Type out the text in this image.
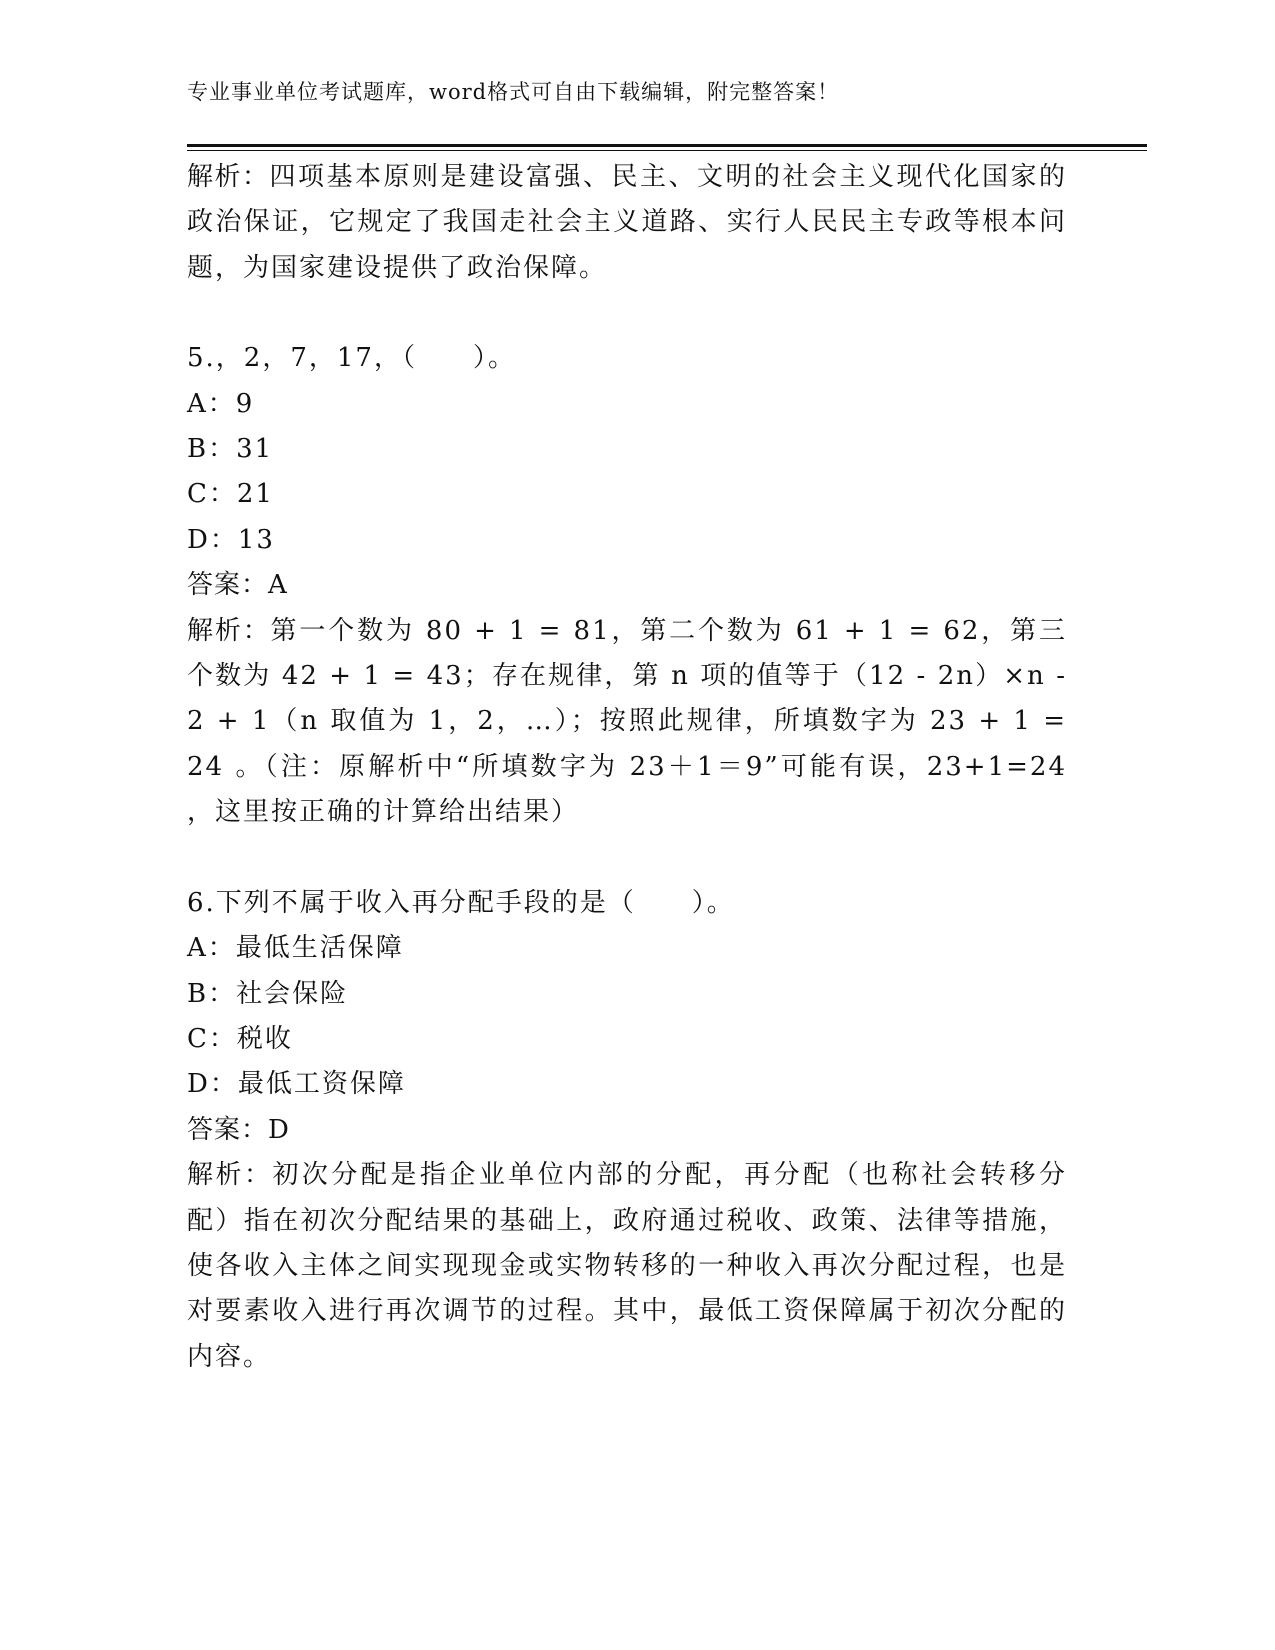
专业事业单位考试题库，word格式可自由下载编辑，附完整答案！

解析：四项基本原则是建设富强、民主、文明的社会主义现代化国家的政治保证，它规定了我国走社会主义道路、实行人民民主专政等根本问题，为国家建设提供了政治保障。

5.，2，7，17，（　　）。

A：9

B：31

C：21

D：13

答案：A

解析：第一个数为 80 + 1 = 81，第二个数为 61 + 1 = 62，第三个数为 42 + 1 = 43；存在规律，第 n 项的值等于（12 - 2n）×n - 2 + 1（n 取值为 1，2，…）；按照此规律，所填数字为 23 + 1 = 24 。（注：原解析中“所填数字为 23＋1＝9”可能有误，23+1=24 ，这里按正确的计算给出结果）

6.下列不属于收入再分配手段的是（　　）。

A：最低生活保障

B：社会保险

C：税收

D：最低工资保障

答案：D

解析：初次分配是指企业单位内部的分配，再分配（也称社会转移分配）指在初次分配结果的基础上，政府通过税收、政策、法律等措施，使各收入主体之间实现现金或实物转移的一种收入再次分配过程，也是对要素收入进行再次调节的过程。其中，最低工资保障属于初次分配的内容。
